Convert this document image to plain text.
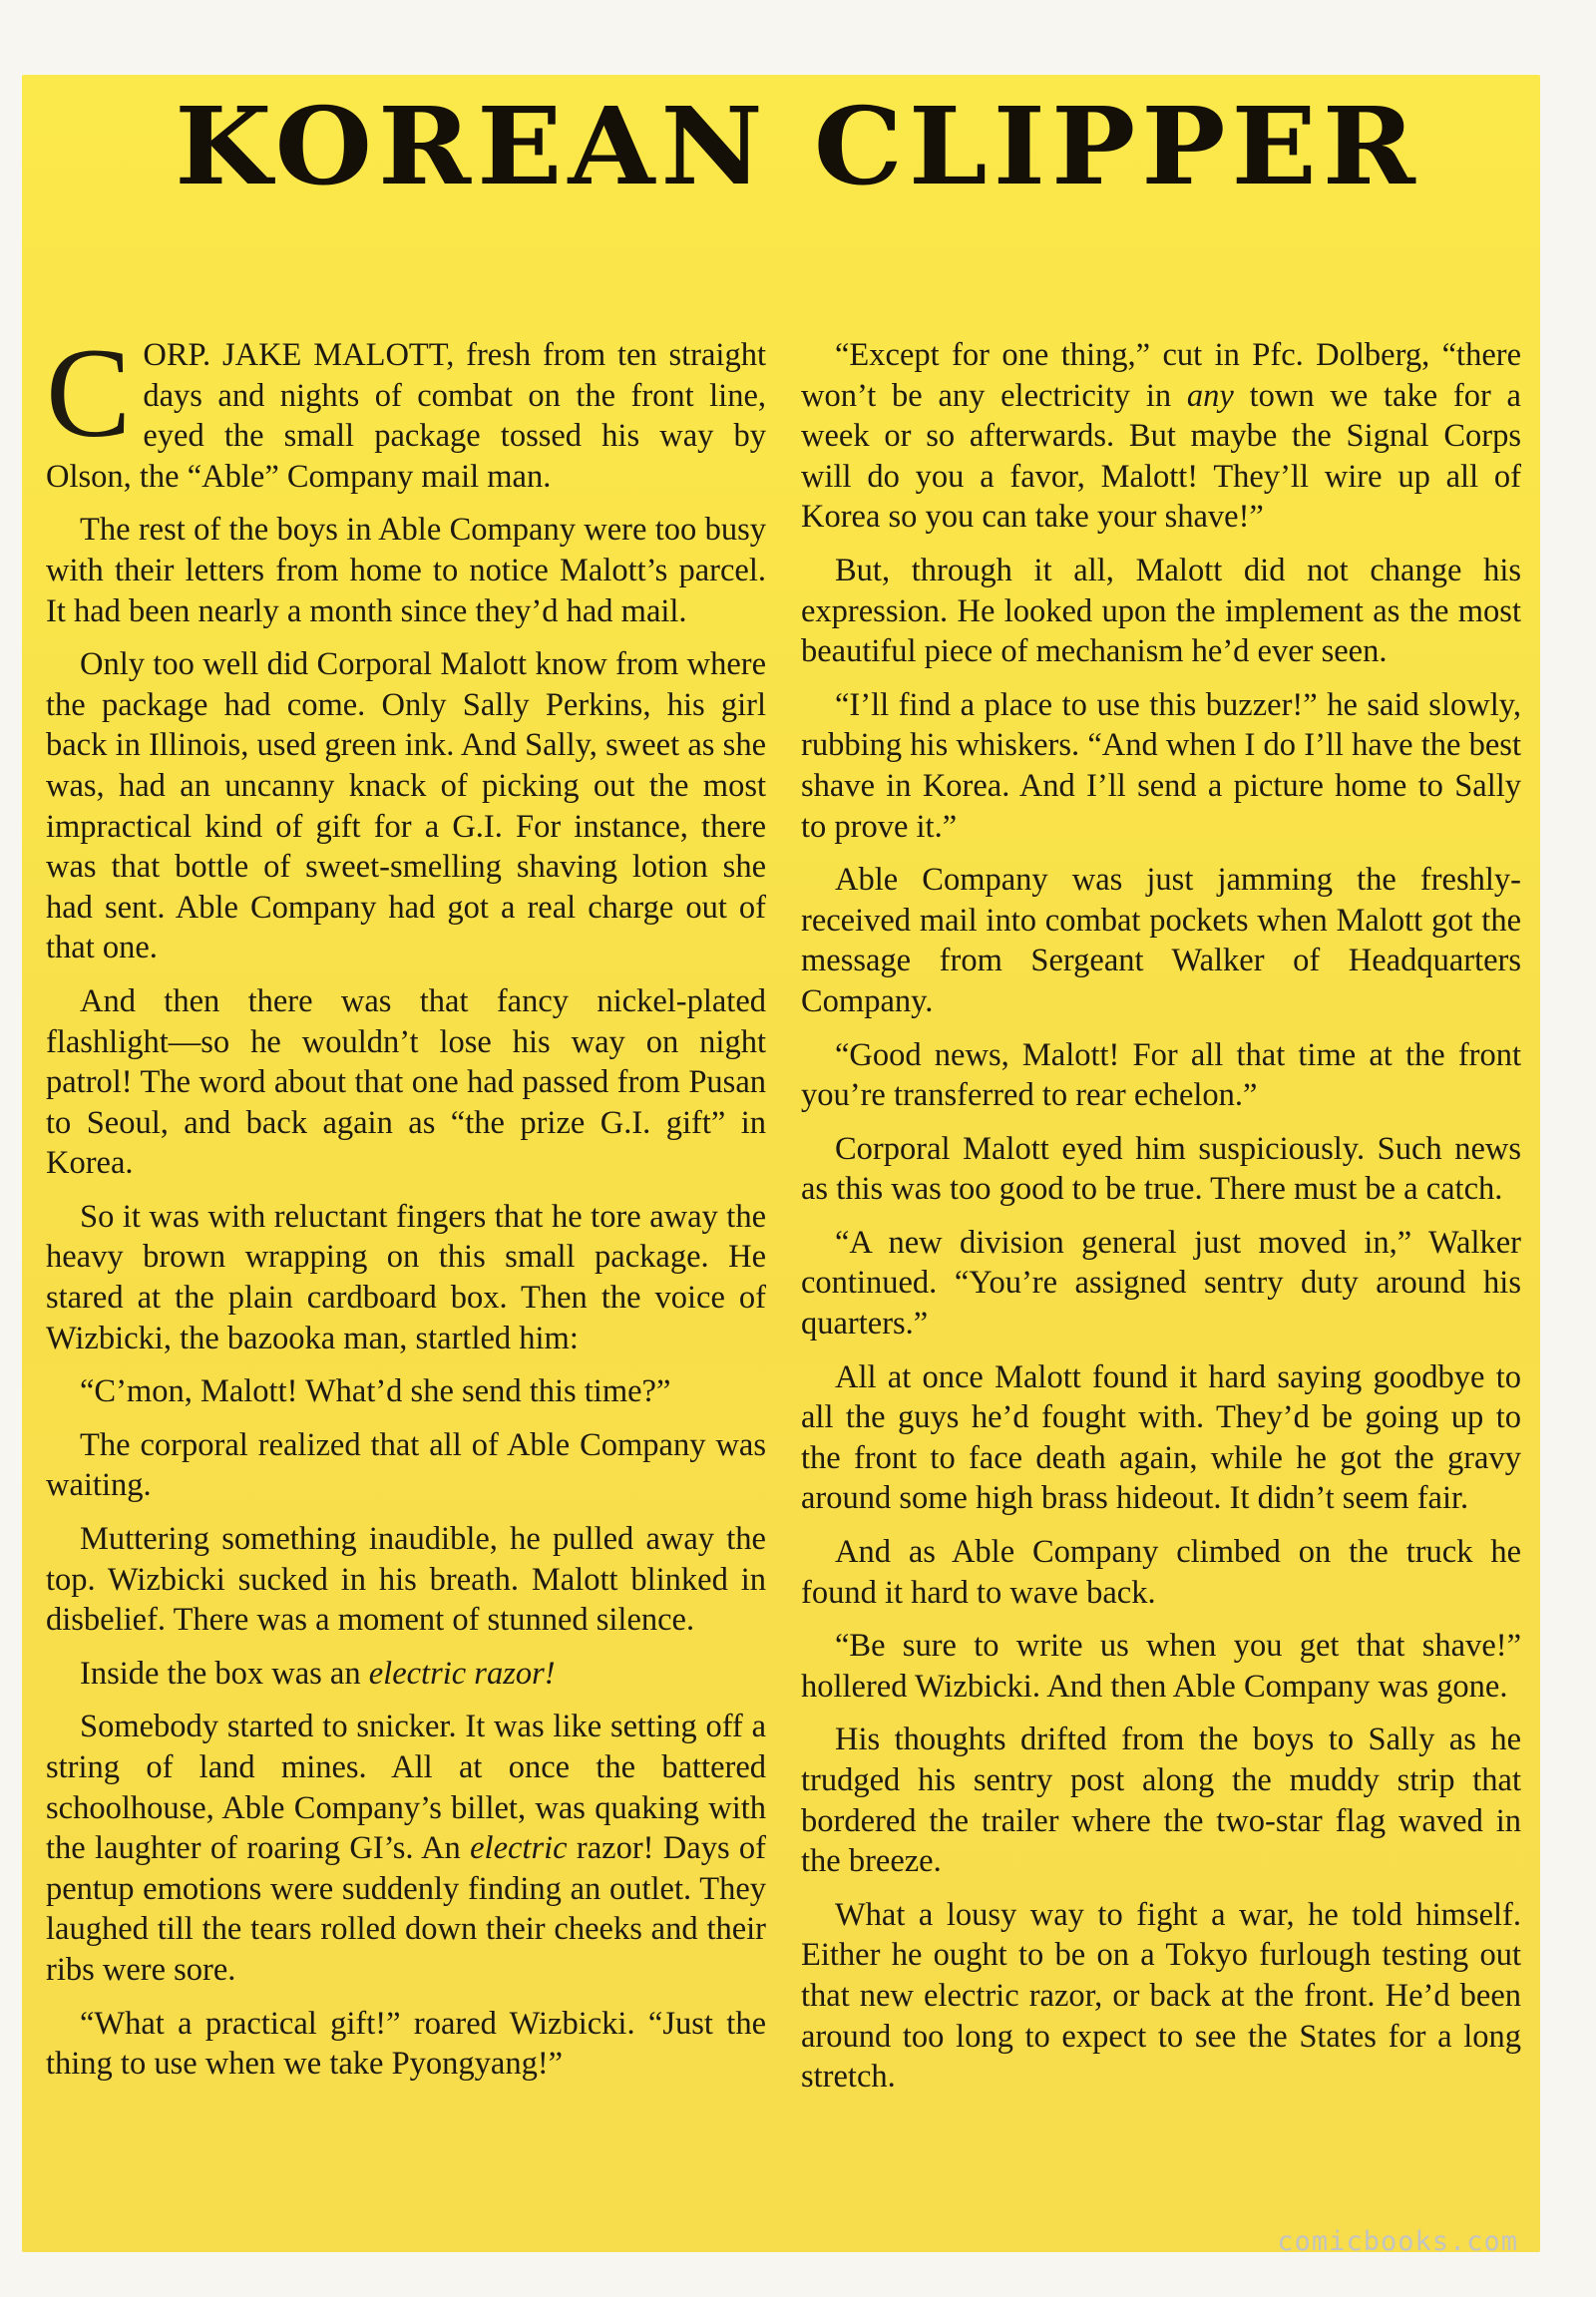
KOREAN CLIPPER

CORP. JAKE MALOTT, fresh from ten straight days and nights of combat on the front line, eyed the small package tossed his way by Olson, the “Able” Company mail man.

The rest of the boys in Able Company were too busy with their letters from home to notice Malott’s parcel. It had been nearly a month since they’d had mail.

Only too well did Corporal Malott know from where the package had come. Only Sally Perkins, his girl back in Illinois, used green ink. And Sally, sweet as she was, had an uncanny knack of picking out the most impractical kind of gift for a G.I. For instance, there was that bottle of sweet-smelling shaving lotion she had sent. Able Company had got a real charge out of that one.

And then there was that fancy nickel-plated flashlight—so he wouldn’t lose his way on night patrol! The word about that one had passed from Pusan to Seoul, and back again as “the prize G.I. gift” in Korea.

So it was with reluctant fingers that he tore away the heavy brown wrapping on this small package. He stared at the plain cardboard box. Then the voice of Wizbicki, the bazooka man, startled him:

“C’mon, Malott! What’d she send this time?”

The corporal realized that all of Able Company was waiting.

Muttering something inaudible, he pulled away the top. Wizbicki sucked in his breath. Malott blinked in disbelief. There was a moment of stunned silence.

Inside the box was an electric razor!

Somebody started to snicker. It was like setting off a string of land mines. All at once the battered schoolhouse, Able Company’s billet, was quaking with the laughter of roaring GI’s. An electric razor! Days of pentup emotions were suddenly finding an outlet. They laughed till the tears rolled down their cheeks and their ribs were sore.

“What a practical gift!” roared Wizbicki. “Just the thing to use when we take Pyongyang!”

“Except for one thing,” cut in Pfc. Dolberg, “there won’t be any electricity in any town we take for a week or so afterwards. But maybe the Signal Corps will do you a favor, Malott! They’ll wire up all of Korea so you can take your shave!”

But, through it all, Malott did not change his expression. He looked upon the implement as the most beautiful piece of mechanism he’d ever seen.

“I’ll find a place to use this buzzer!” he said slowly, rubbing his whiskers. “And when I do I’ll have the best shave in Korea. And I’ll send a picture home to Sally to prove it.”

Able Company was just jamming the freshly-received mail into combat pockets when Malott got the message from Sergeant Walker of Headquarters Company.

“Good news, Malott! For all that time at the front you’re transferred to rear echelon.”

Corporal Malott eyed him suspiciously. Such news as this was too good to be true. There must be a catch.

“A new division general just moved in,” Walker continued. “You’re assigned sentry duty around his quarters.”

All at once Malott found it hard saying goodbye to all the guys he’d fought with. They’d be going up to the front to face death again, while he got the gravy around some high brass hideout. It didn’t seem fair.

And as Able Company climbed on the truck he found it hard to wave back.

“Be sure to write us when you get that shave!” hollered Wizbicki. And then Able Company was gone.

His thoughts drifted from the boys to Sally as he trudged his sentry post along the muddy strip that bordered the trailer where the two-star flag waved in the breeze.

What a lousy way to fight a war, he told himself. Either he ought to be on a Tokyo furlough testing out that new electric razor, or back at the front. He’d been around too long to expect to see the States for a long stretch.

comicbooks.com
